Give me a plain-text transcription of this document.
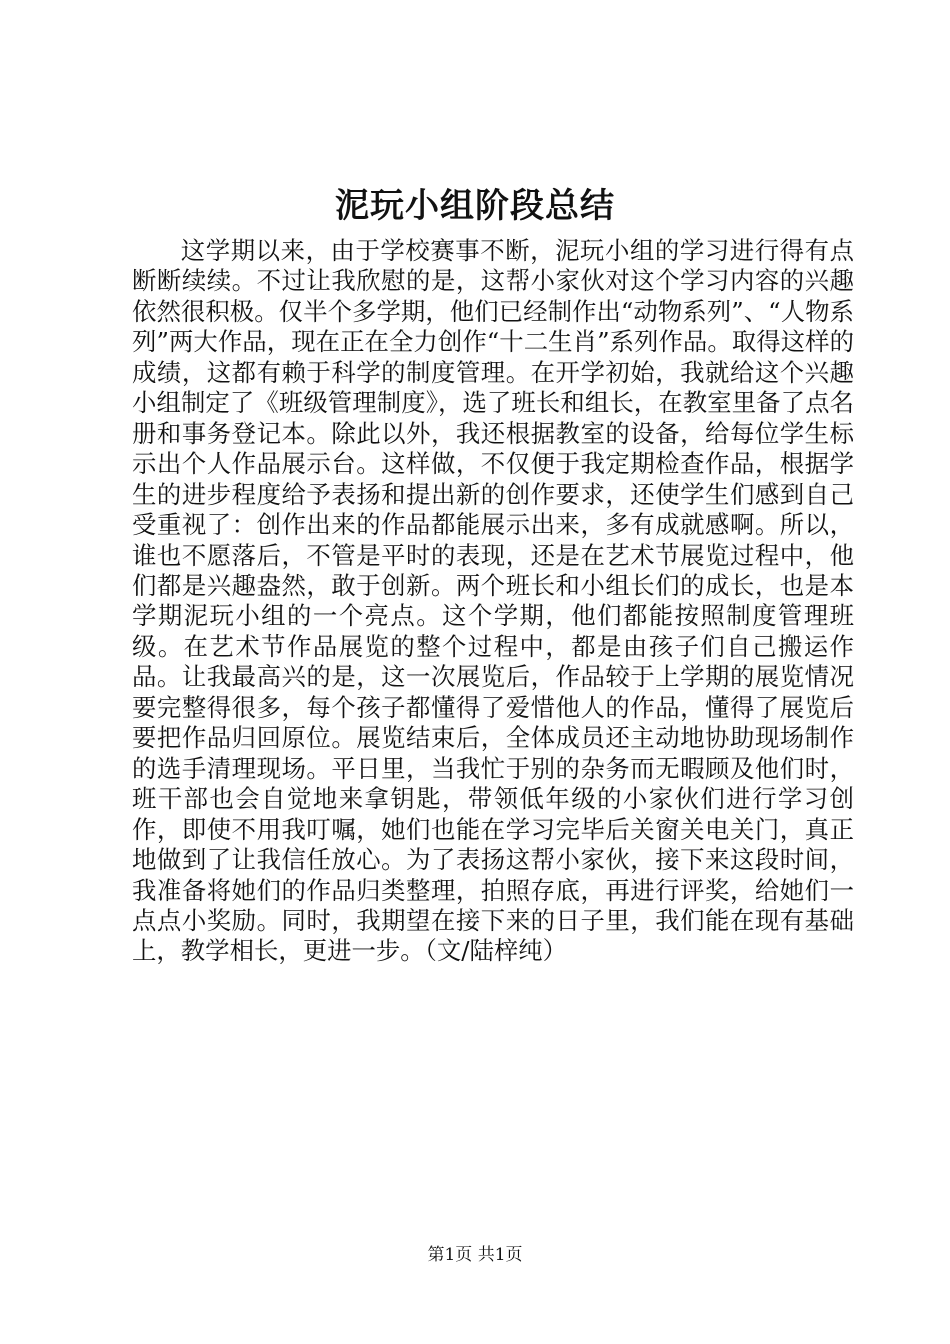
泥玩小组阶段总结

这学期以来，由于学校赛事不断，泥玩小组的学习进行得有点断断续续。不过让我欣慰的是，这帮小家伙对这个学习内容的兴趣依然很积极。仅半个多学期，他们已经制作出“动物系列”、“人物系列”两大作品，现在正在全力创作“十二生肖”系列作品。取得这样的成绩，这都有赖于科学的制度管理。在开学初始，我就给这个兴趣小组制定了《班级管理制度》，选了班长和组长，在教室里备了点名册和事务登记本。除此以外，我还根据教室的设备，给每位学生标示出个人作品展示台。这样做，不仅便于我定期检查作品，根据学生的进步程度给予表扬和提出新的创作要求，还使学生们感到自己受重视了：创作出来的作品都能展示出来，多有成就感啊。所以，谁也不愿落后，不管是平时的表现，还是在艺术节展览过程中，他们都是兴趣盎然，敢于创新。两个班长和小组长们的成长，也是本学期泥玩小组的一个亮点。这个学期，他们都能按照制度管理班级。在艺术节作品展览的整个过程中，都是由孩子们自己搬运作品。让我最高兴的是，这一次展览后，作品较于上学期的展览情况要完整得很多，每个孩子都懂得了爱惜他人的作品，懂得了展览后要把作品归回原位。展览结束后，全体成员还主动地协助现场制作的选手清理现场。平日里，当我忙于别的杂务而无暇顾及他们时，班干部也会自觉地来拿钥匙，带领低年级的小家伙们进行学习创作，即使不用我叮嘱，她们也能在学习完毕后关窗关电关门，真正地做到了让我信任放心。为了表扬这帮小家伙，接下来这段时间，我准备将她们的作品归类整理，拍照存底，再进行评奖，给她们一点点小奖励。同时，我期望在接下来的日子里，我们能在现有基础上，教学相长，更进一步。（文/陆梓纯）

第1页 共1页
